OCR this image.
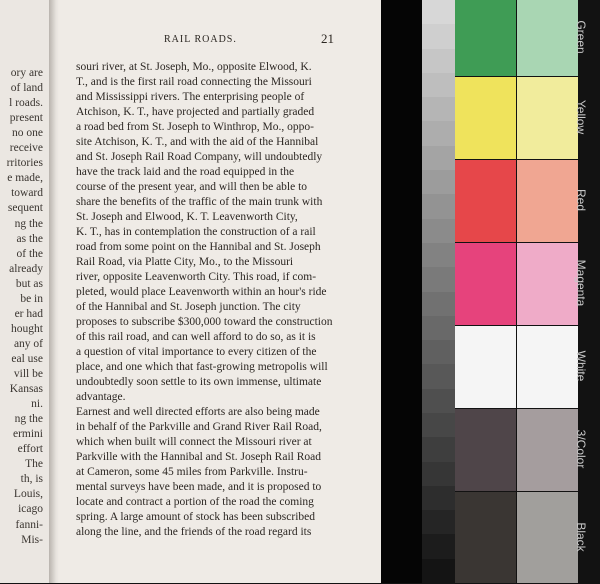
ory are
of land
l roads.
present
no one
receive
rritories
e made,
toward
sequent
ng the
as the
of the
already
but as
be in
er had
hought
any of
eal use
vill be
Kansas
ni.
ng the
ermini
effort
The
th, is
Louis,
icago
fanni-
Mis-
RAIL ROADS.	21
souri river, at St. Joseph, Mo., opposite Elwood, K.
T., and is the first rail road connecting the Missouri
and Mississippi rivers. The enterprising people of
Atchison, K. T., have projected and partially graded
a road bed from St. Joseph to Winthrop, Mo., oppo-
site Atchison, K. T., and with the aid of the Hannibal
and St. Joseph Rail Road Company, will undoubtedly
have the track laid and the road equipped in the
course of the present year, and will then be able to
share the benefits of the traffic of the main trunk with
St. Joseph and Elwood, K. T. Leavenworth City,
K. T., has in contemplation the construction of a rail
road from some point on the Hannibal and St. Joseph
Rail Road, via Platte City, Mo., to the Missouri
river, opposite Leavenworth City. This road, if com-
pleted, would place Leavenworth within an hour's ride
of the Hannibal and St. Joseph junction. The city
proposes to subscribe $300,000 toward the construction
of this rail road, and can well afford to do so, as it is
a question of vital importance to every citizen of the
place, and one which that fast-growing metropolis will
undoubtedly soon settle to its own immense, ultimate
advantage.
Earnest and well directed efforts are also being made
in behalf of the Parkville and Grand River Rail Road,
which when built will connect the Missouri river at
Parkville with the Hannibal and St. Joseph Rail Road
at Cameron, some 45 miles from Parkville. Instru-
mental surveys have been made, and it is proposed to
locate and contract a portion of the road the coming
spring. A large amount of stock has been subscribed
along the line, and the friends of the road regard its
Green
Yellow
Red
Magenta
White
3/Color
Black
